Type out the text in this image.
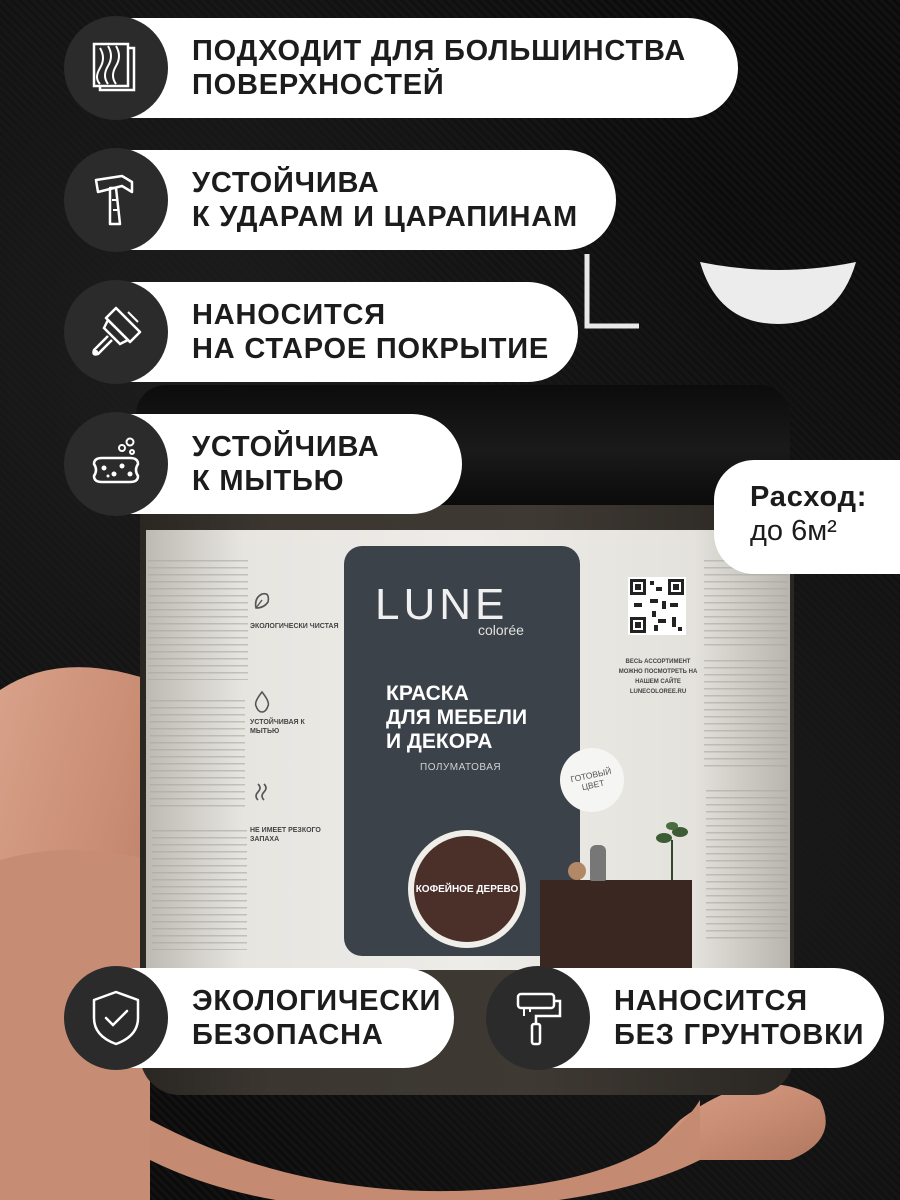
ЭКОЛОГИЧЕСКИ ЧИСТАЯ
УСТОЙЧИВАЯ К МЫТЬЮ
НЕ ИМЕЕТ РЕЗКОГО ЗАПАХА
LUNE
colorée
КРАСКА
ДЛЯ МЕБЕЛИ
И ДЕКОРА
ПОЛУМАТОВАЯ	ГОТОВЫЙ ЦВЕТ
КОФЕЙНОЕ ДЕРЕВО
ВЕСЬ АССОРТИМЕНТ МОЖНО ПОСМОТРЕТЬ НА НАШЕМ САЙТЕ LUNECOLOREE.RU
ПОДХОДИТ ДЛЯ БОЛЬШИНСТВА
ПОВЕРХНОСТЕЙ
УСТОЙЧИВА
К УДАРАМ И ЦАРАПИНАМ
НАНОСИТСЯ
НА СТАРОЕ ПОКРЫТИЕ
УСТОЙЧИВА
К МЫТЬЮ	Расход:
до 6м²
ЭКОЛОГИЧЕСКИ
БЕЗОПАСНА
НАНОСИТСЯ
БЕЗ ГРУНТОВКИ
